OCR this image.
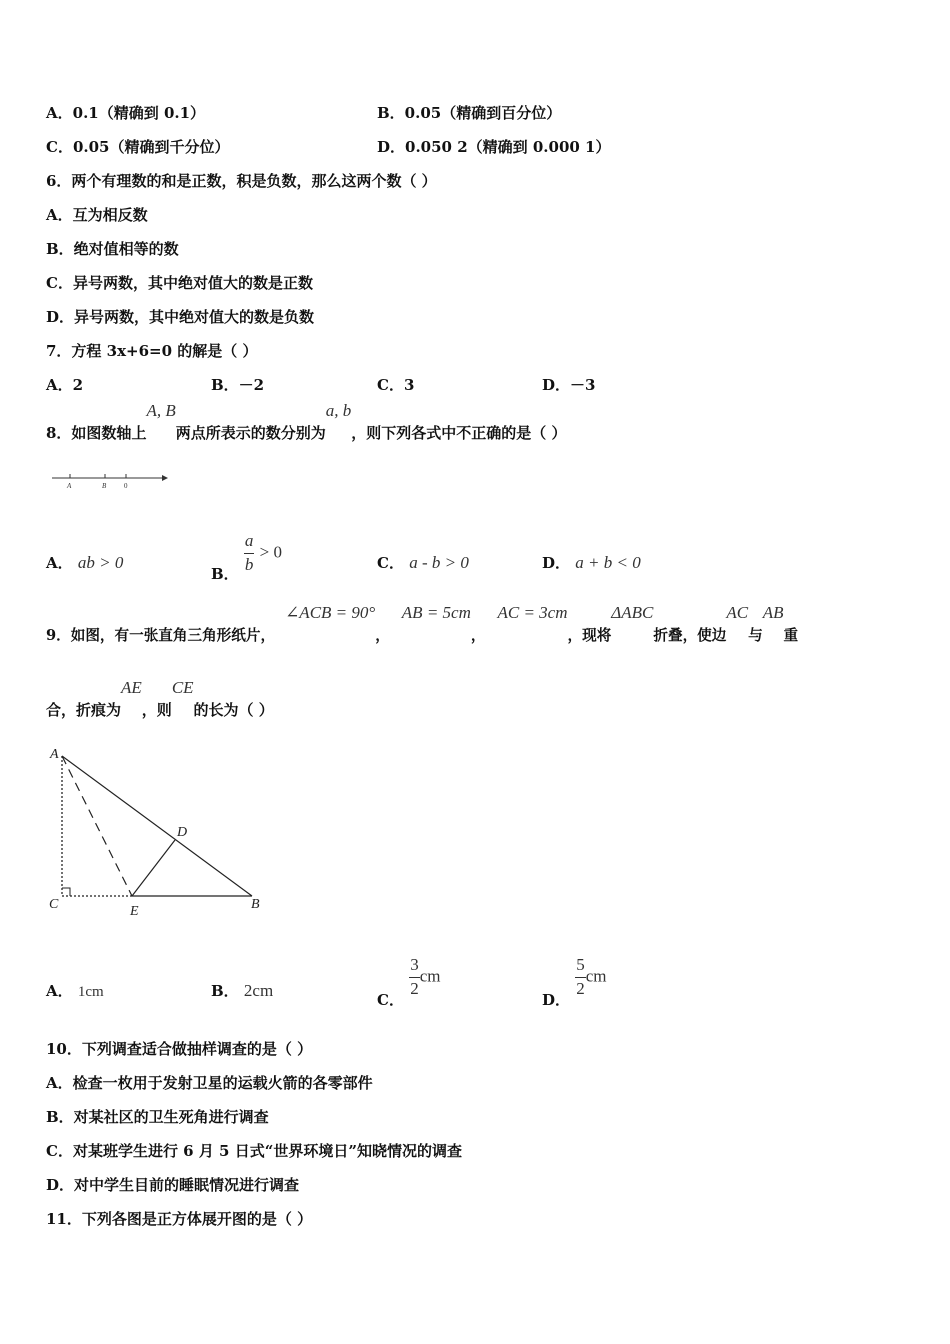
A．0.1（精确到 0.1）	B．0.05（精确到百分位）
C．0.05（精确到千分位）	D．0.050 2（精确到 0.000 1）
6．两个有理数的和是正数，积是负数，那么这两个数（ ）
A．互为相反数
B．绝对值相等的数
C．异号两数，其中绝对值大的数是正数
D．异号两数，其中绝对值大的数是负数
7．方程 3x+6=0 的解是（ ）
A．2	B．－2	C．3	D．－3
8．如图数轴上A, B两点所表示的数分别为a, b，则下列各式中不正确的是（ ）
A	B	0
A． ab > 0
B． $\frac{a}{b} > 0$
C． a - b > 0	D． a + b < 0
9．如图，有一张直角三角形纸片，∠ACB = 90°，AB = 5cm，AC = 3cm，现将ΔABC折叠，使边AC与AB重
合，折痕为AE，则CE的长为（ ）
A
D
C	E	B
A． 1cm	B． 2cm
C． $\frac{3}{2}$ cm
D． $\frac{5}{2}$ cm
10．下列调查适合做抽样调查的是（ ）
A．检查一枚用于发射卫星的运载火箭的各零部件
B．对某社区的卫生死角进行调查
C．对某班学生进行 6 月 5 日式“世界环境日”知晓情况的调查
D．对中学生目前的睡眠情况进行调查
11．下列各图是正方体展开图的是（ ）
